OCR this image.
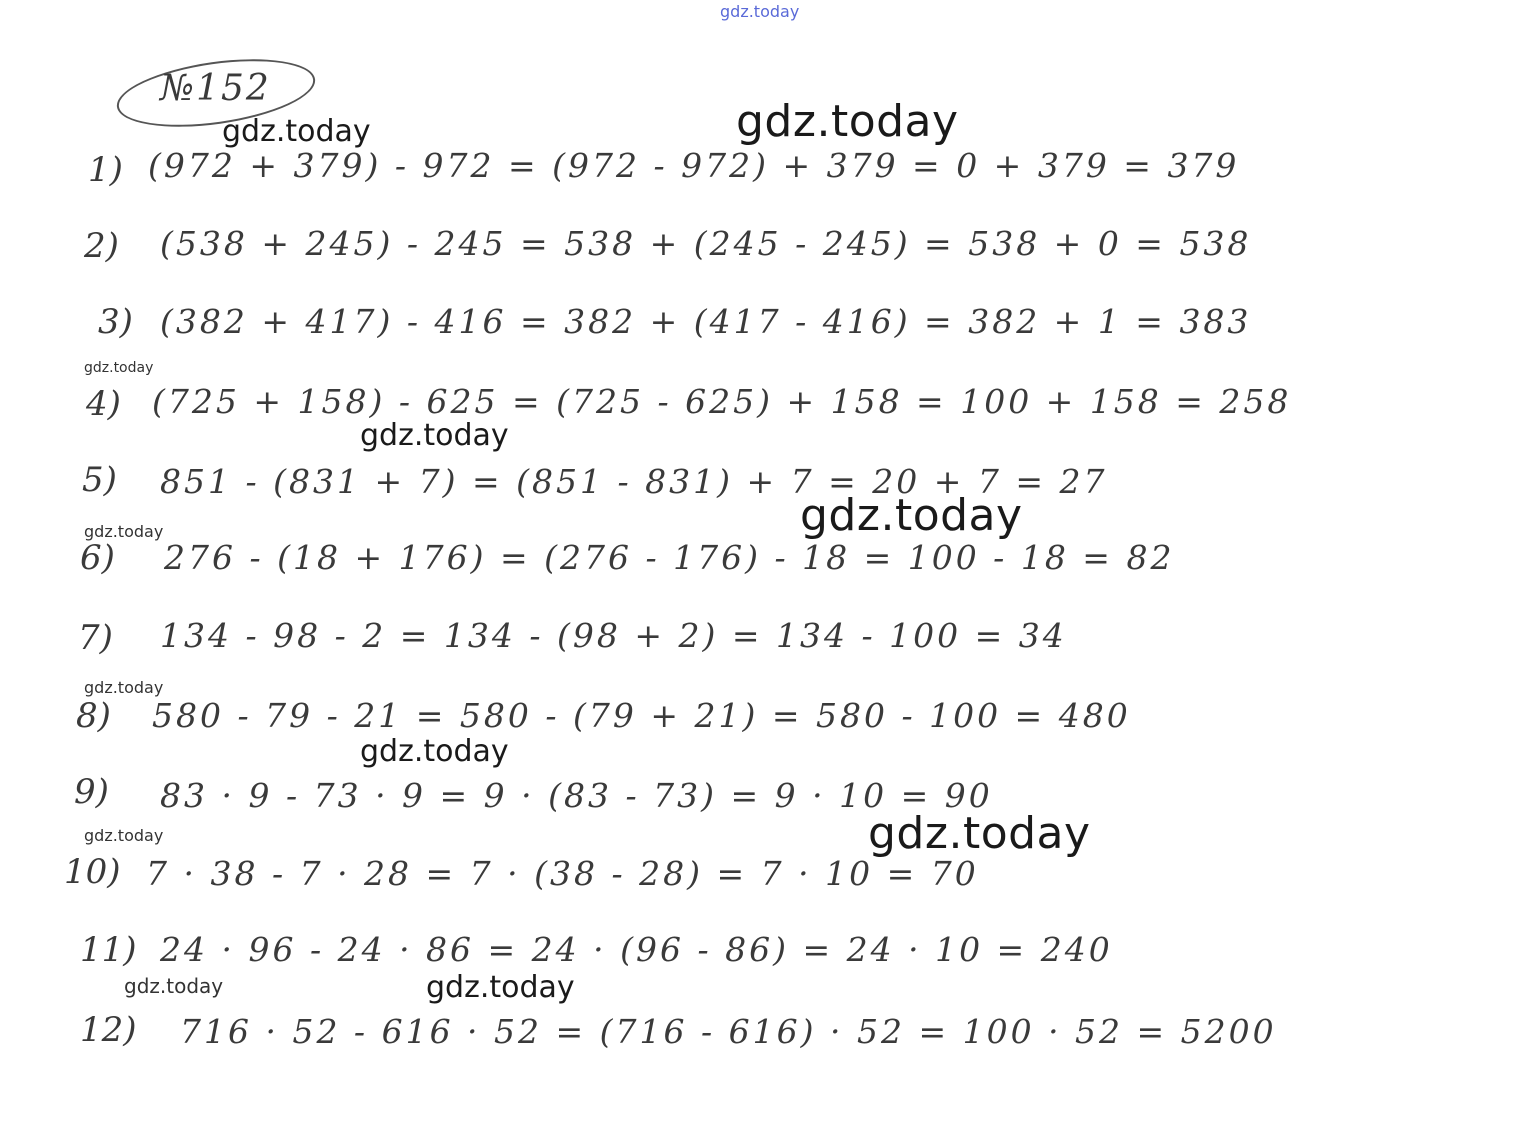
gdz.today
№152
1)
2)
3)
4)
5)
6)
7)
8)
9)
10)
11)
12)
(972 + 379) - 972 = (972 - 972) + 379 = 0 + 379 = 379
(538 + 245) - 245 = 538 + (245 - 245) = 538 + 0 = 538
(382 + 417) - 416 = 382 + (417 - 416) = 382 + 1 = 383
(725 + 158) - 625 = (725 - 625) + 158 = 100 + 158 = 258
851 - (831 + 7) = (851 - 831) + 7 = 20 + 7 = 27
276 - (18 + 176) = (276 - 176) - 18 = 100 - 18 = 82
134 - 98 - 2 = 134 - (98 + 2) = 134 - 100 = 34
580 - 79 - 21 = 580 - (79 + 21) = 580 - 100 = 480
83 · 9 - 73 · 9 = 9 · (83 - 73) = 9 · 10 = 90
7 · 38 - 7 · 28 = 7 · (38 - 28) = 7 · 10 = 70
24 · 96 - 24 · 86 = 24 · (96 - 86) = 24 · 10 = 240
716 · 52 - 616 · 52 = (716 - 616) · 52 = 100 · 52 = 5200
gdz.today	gdz.today
gdz.today
gdz.today
gdz.today
gdz.today
gdz.today
gdz.today
gdz.today	gdz.today
gdz.today	gdz.today
